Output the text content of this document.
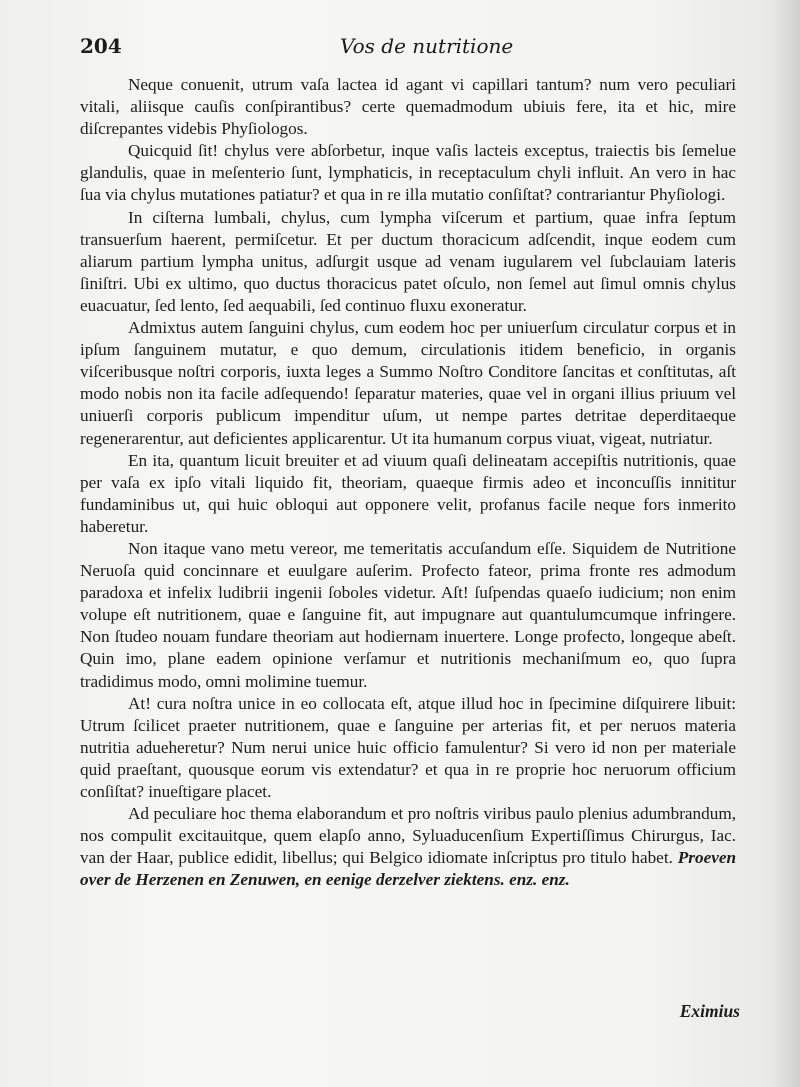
204	Vos de nutritione

Neque conuenit, utrum vaſa lactea id agant vi capillari tantum? num vero peculiari vitali, aliisque cauſis conſpirantibus? certe quemadmodum ubiuis fere, ita et hic, mire diſcrepantes videbis Phyſiologos.

Quicquid ſit! chylus vere abſorbetur, inque vaſis lacteis exceptus, traiectis bis ſemelue glandulis, quae in meſenterio ſunt, lymphaticis, in receptaculum chyli influit. An vero in hac ſua via chylus mutationes patiatur? et qua in re illa mutatio conſiſtat? contrariantur Phyſiologi.

In ciſterna lumbali, chylus, cum lympha viſcerum et partium, quae infra ſeptum transuerſum haerent, permiſcetur. Et per ductum thoracicum adſcendit, inque eodem cum aliarum partium lympha unitus, adſurgit usque ad venam iugularem vel ſubclauiam lateris ſiniſtri. Ubi ex ultimo, quo ductus thoracicus patet oſculo, non ſemel aut ſimul omnis chylus euacuatur, ſed lento, ſed aequabili, ſed continuo fluxu exoneratur.

Admixtus autem ſanguini chylus, cum eodem hoc per uniuerſum circulatur corpus et in ipſum ſanguinem mutatur, e quo demum, circulationis itidem beneficio, in organis viſceribusque noſtri corporis, iuxta leges a Summo Noſtro Conditore ſancitas et conſtitutas, aſt modo nobis non ita facile adſequendo! ſeparatur materies, quae vel in organi illius priuum vel uniuerſi corporis publicum impenditur uſum, ut nempe partes detritae deperditaeque regenerarentur, aut deficientes applicarentur. Ut ita humanum corpus viuat, vigeat, nutriatur.

En ita, quantum licuit breuiter et ad viuum quaſi delineatam accepiſtis nutritionis, quae per vaſa ex ipſo vitali liquido fit, theoriam, quaeque firmis adeo et inconcuſſis innititur fundaminibus ut, qui huic obloqui aut opponere velit, profanus facile neque fors inmerito haberetur.

Non itaque vano metu vereor, me temeritatis accuſandum eſſe. Siquidem de Nutritione Neruoſa quid concinnare et euulgare auſerim. Profecto fateor, prima fronte res admodum paradoxa et infelix ludibrii ingenii ſoboles videtur. Aſt! ſuſpendas quaeſo iudicium; non enim volupe eſt nutritionem, quae e ſanguine fit, aut impugnare aut quantulumcumque infringere. Non ſtudeo nouam fundare theoriam aut hodiernam inuertere. Longe profecto, longeque abeſt. Quin imo, plane eadem opinione verſamur et nutritionis mechaniſmum eo, quo ſupra tradidimus modo, omni molimine tuemur.

At! cura noſtra unice in eo collocata eſt, atque illud hoc in ſpecimine diſquirere libuit: Utrum ſcilicet praeter nutritionem, quae e ſanguine per arterias fit, et per neruos materia nutritia adueheretur? Num nerui unice huic officio famulentur? Si vero id non per materiale quid praeſtant, quousque eorum vis extendatur? et qua in re proprie hoc neruorum officium conſiſtat? inueſtigare placet.

Ad peculiare hoc thema elaborandum et pro noſtris viribus paulo plenius adumbrandum, nos compulit excitauitque, quem elapſo anno, Syluaducenſium Expertiſſimus Chirurgus, Iac. van der Haar, publice edidit, libellus; qui Belgico idiomate inſcriptus pro titulo habet. Proeven over de Herzenen en Zenuwen, en eenige derzelver ziektens. enz. enz.

Eximius
